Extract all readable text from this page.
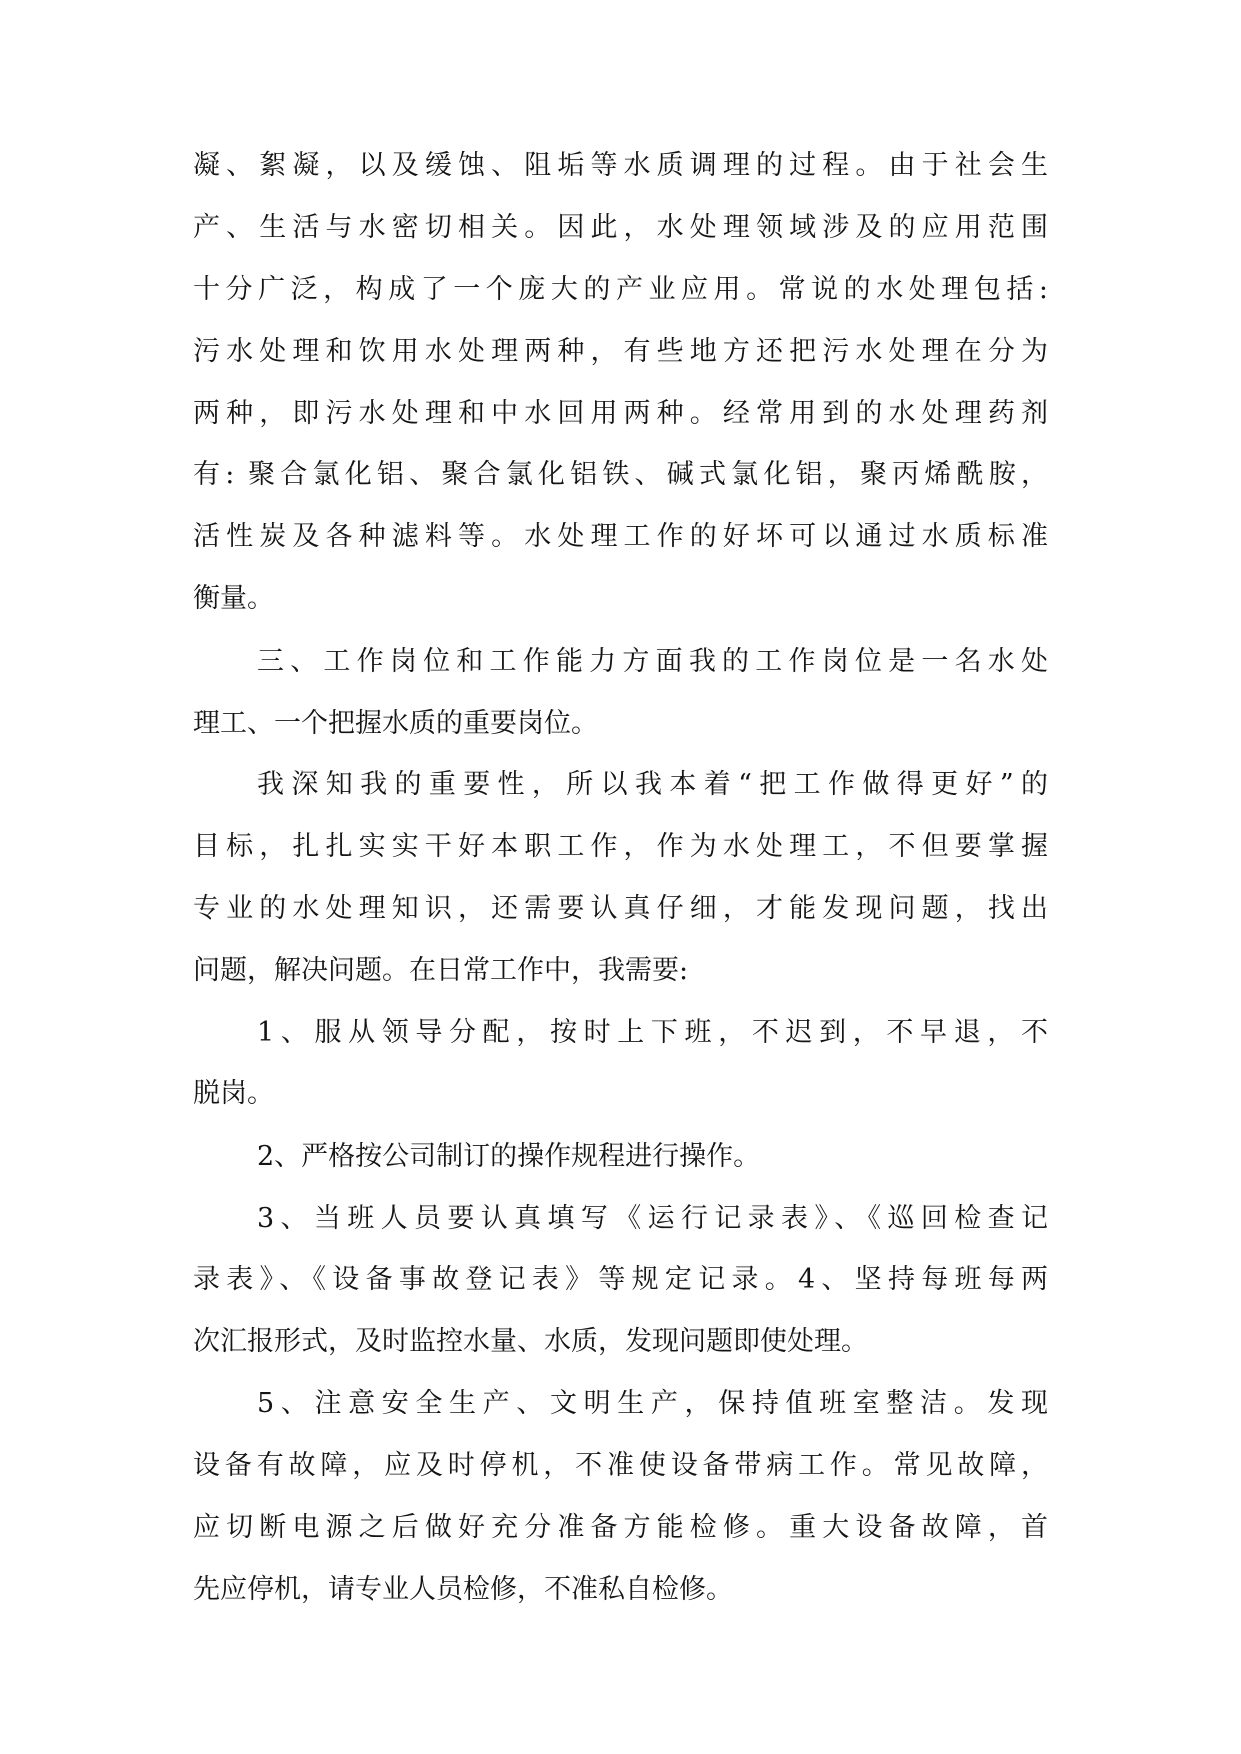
凝、絮凝，以及缓蚀、阻垢等水质调理的过程。由于社会生
产、生活与水密切相关。因此，水处理领域涉及的应用范围
十分广泛，构成了一个庞大的产业应用。常说的水处理包括:
污水处理和饮用水处理两种，有些地方还把污水处理在分为
两种，即污水处理和中水回用两种。经常用到的水处理药剂
有: 聚合氯化铝、聚合氯化铝铁、碱式氯化铝，聚丙烯酰胺，
活性炭及各种滤料等。水处理工作的好坏可以通过水质标准
衡量。
三、工作岗位和工作能力方面我的工作岗位是一名水处
理工、一个把握水质的重要岗位。
我深知我的重要性，所以我本着“把工作做得更好”的
目标，扎扎实实干好本职工作，作为水处理工，不但要掌握
专业的水处理知识，还需要认真仔细，才能发现问题，找出
问题，解决问题。在日常工作中，我需要:
1、服从领导分配，按时上下班，不迟到，不早退，不
脱岗。
2、严格按公司制订的操作规程进行操作。
3、当班人员要认真填写《运行记录表》、《巡回检查记
录表》、《设备事故登记表》等规定记录。4、坚持每班每两
次汇报形式，及时监控水量、水质，发现问题即使处理。
5、注意安全生产、文明生产，保持值班室整洁。发现
设备有故障，应及时停机，不准使设备带病工作。常见故障，
应切断电源之后做好充分准备方能检修。重大设备故障，首
先应停机，请专业人员检修，不准私自检修。
